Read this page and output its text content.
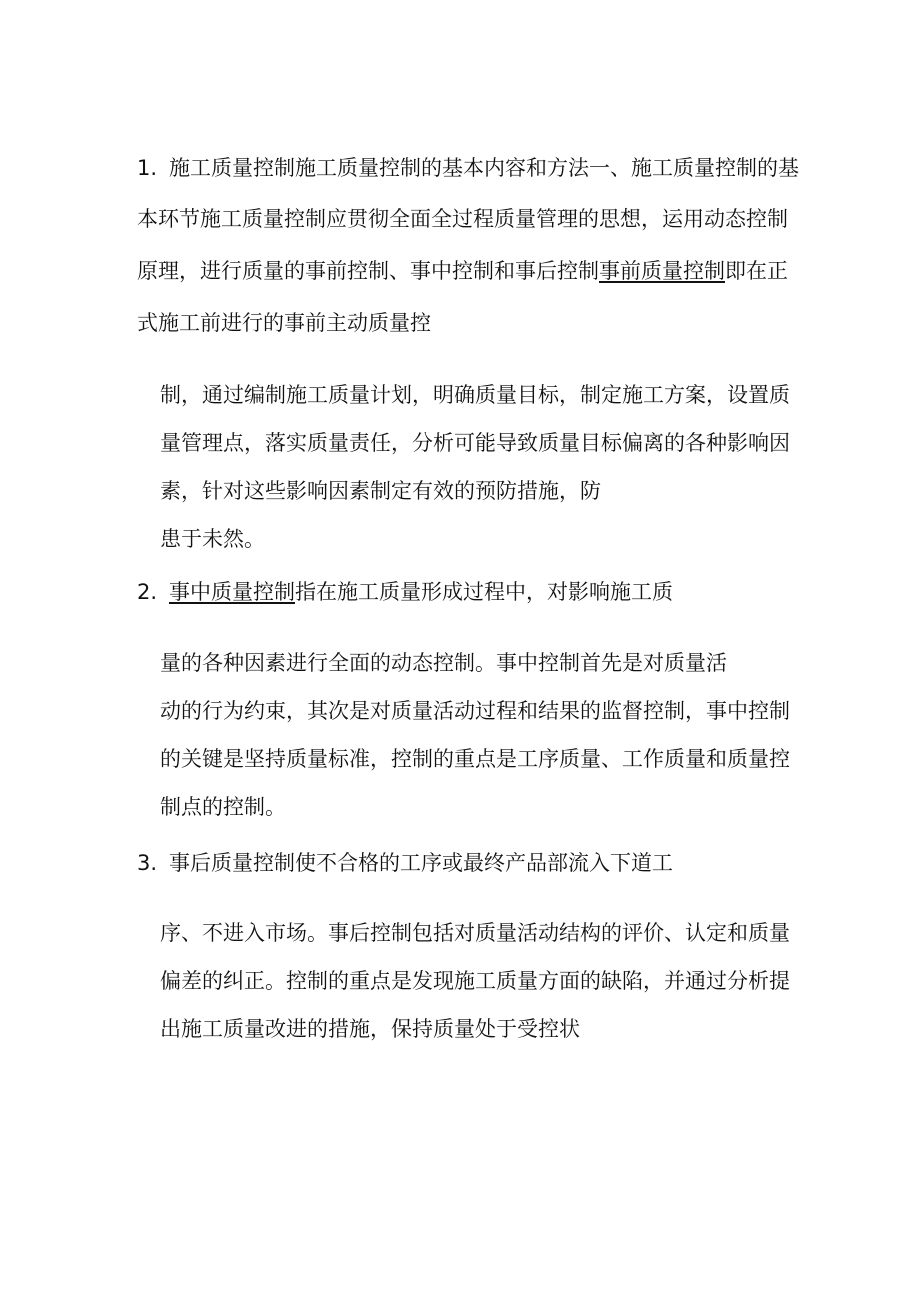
1. 施工质量控制施工质量控制的基本内容和方法一、施工质量控制的基
本环节施工质量控制应贯彻全面全过程质量管理的思想，运用动态控制
原理，进行质量的事前控制、事中控制和事后控制事前质量控制即在正
式施工前进行的事前主动质量控
制，通过编制施工质量计划，明确质量目标，制定施工方案，设置质
量管理点，落实质量责任，分析可能导致质量目标偏离的各种影响因
素，针对这些影响因素制定有效的预防措施，防
患于未然。
2. 事中质量控制指在施工质量形成过程中，对影响施工质
量的各种因素进行全面的动态控制。事中控制首先是对质量活
动的行为约束，其次是对质量活动过程和结果的监督控制，事中控制
的关键是坚持质量标准，控制的重点是工序质量、工作质量和质量控
制点的控制。
3. 事后质量控制使不合格的工序或最终产品部流入下道工
序、不进入市场。事后控制包括对质量活动结构的评价、认定和质量
偏差的纠正。控制的重点是发现施工质量方面的缺陷，并通过分析提
出施工质量改进的措施，保持质量处于受控状
